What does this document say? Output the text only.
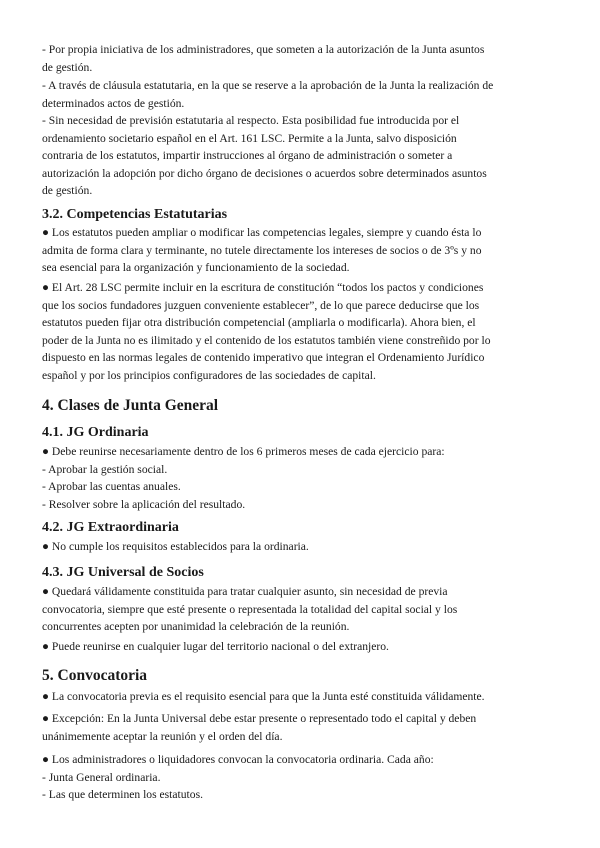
- Por propia iniciativa de los administradores, que someten a la autorización de la Junta asuntos
de gestión.

- A través de cláusula estatutaria, en la que se reserve a la aprobación de la Junta la realización de
determinados actos de gestión.

- Sin necesidad de previsión estatutaria al respecto. Esta posibilidad fue introducida por el
ordenamiento societario español en el Art. 161 LSC. Permite a la Junta, salvo disposición
contraria de los estatutos, impartir instrucciones al órgano de administración o someter a
autorización la adopción por dicho órgano de decisiones o acuerdos sobre determinados asuntos
de gestión.

3.2. Competencias Estatutarias

● Los estatutos pueden ampliar o modificar las competencias legales, siempre y cuando ésta lo
admita de forma clara y terminante, no tutele directamente los intereses de socios o de 3ºs y no
sea esencial para la organización y funcionamiento de la sociedad.

● El Art. 28 LSC permite incluir en la escritura de constitución “todos los pactos y condiciones
que los socios fundadores juzguen conveniente establecer”, de lo que parece deducirse que los
estatutos pueden fijar otra distribución competencial (ampliarla o modificarla). Ahora bien, el
poder de la Junta no es ilimitado y el contenido de los estatutos también viene constreñido por lo
dispuesto en las normas legales de contenido imperativo que integran el Ordenamiento Jurídico
español y por los principios configuradores de las sociedades de capital.

4. Clases de Junta General
4.1. JG Ordinaria

● Debe reunirse necesariamente dentro de los 6 primeros meses de cada ejercicio para:
- Aprobar la gestión social.
- Aprobar las cuentas anuales.
- Resolver sobre la aplicación del resultado.

4.2. JG Extraordinaria

● No cumple los requisitos establecidos para la ordinaria.

4.3. JG Universal de Socios

● Quedará válidamente constituida para tratar cualquier asunto, sin necesidad de previa
convocatoria, siempre que esté presente o representada la totalidad del capital social y los
concurrentes acepten por unanimidad la celebración de la reunión.

● Puede reunirse en cualquier lugar del territorio nacional o del extranjero.

5. Convocatoria

● La convocatoria previa es el requisito esencial para que la Junta esté constituida válidamente.

● Excepción: En la Junta Universal debe estar presente o representado todo el capital y deben
unánimemente aceptar la reunión y el orden del día.

● Los administradores o liquidadores convocan la convocatoria ordinaria. Cada año:
- Junta General ordinaria.
- Las que determinen los estatutos.
